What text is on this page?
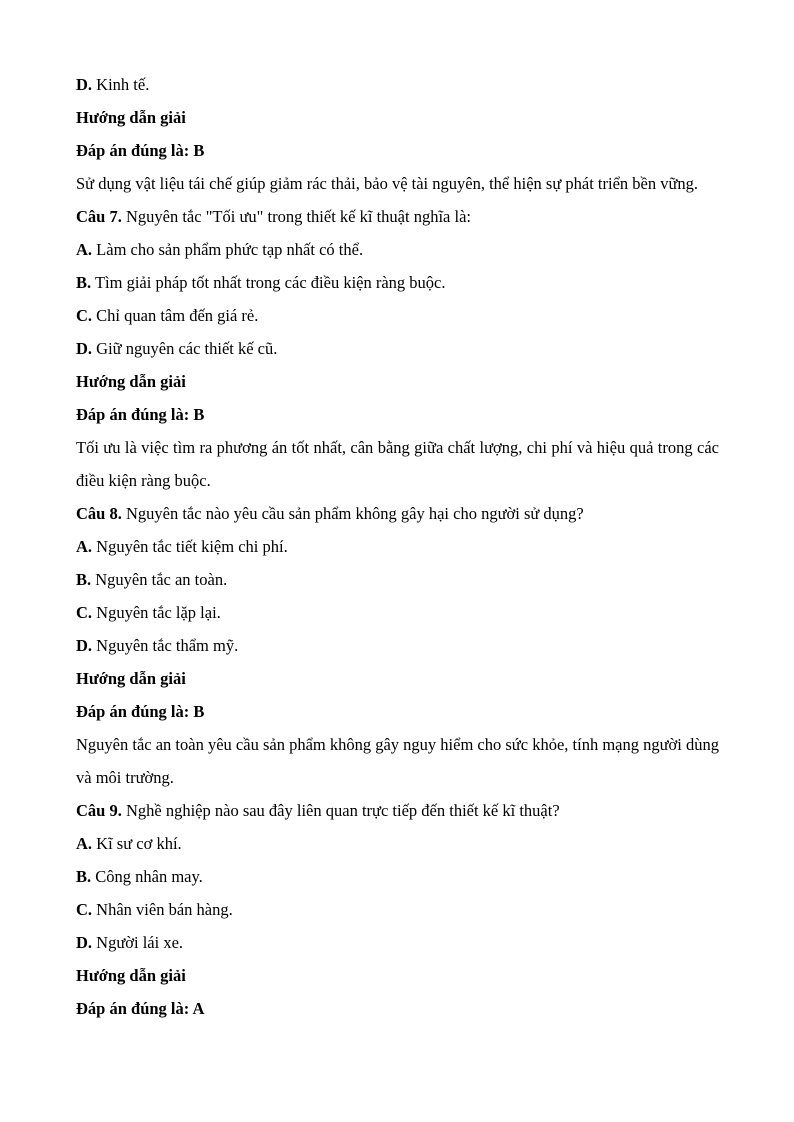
D. Kinh tế.

Hướng dẫn giải

Đáp án đúng là: B

Sử dụng vật liệu tái chế giúp giảm rác thải, bảo vệ tài nguyên, thể hiện sự phát triển bền vững.

Câu 7. Nguyên tắc "Tối ưu" trong thiết kế kĩ thuật nghĩa là:

A. Làm cho sản phẩm phức tạp nhất có thể.

B. Tìm giải pháp tốt nhất trong các điều kiện ràng buộc.

C. Chỉ quan tâm đến giá rẻ.

D. Giữ nguyên các thiết kế cũ.

Hướng dẫn giải

Đáp án đúng là: B

Tối ưu là việc tìm ra phương án tốt nhất, cân bằng giữa chất lượng, chi phí và hiệu quả trong các điều kiện ràng buộc.

Câu 8. Nguyên tắc nào yêu cầu sản phẩm không gây hại cho người sử dụng?

A. Nguyên tắc tiết kiệm chi phí.

B. Nguyên tắc an toàn.

C. Nguyên tắc lặp lại.

D. Nguyên tắc thẩm mỹ.

Hướng dẫn giải

Đáp án đúng là: B

Nguyên tắc an toàn yêu cầu sản phẩm không gây nguy hiểm cho sức khỏe, tính mạng người dùng và môi trường.

Câu 9. Nghề nghiệp nào sau đây liên quan trực tiếp đến thiết kế kĩ thuật?

A. Kĩ sư cơ khí.

B. Công nhân may.

C. Nhân viên bán hàng.

D. Người lái xe.

Hướng dẫn giải

Đáp án đúng là: A
